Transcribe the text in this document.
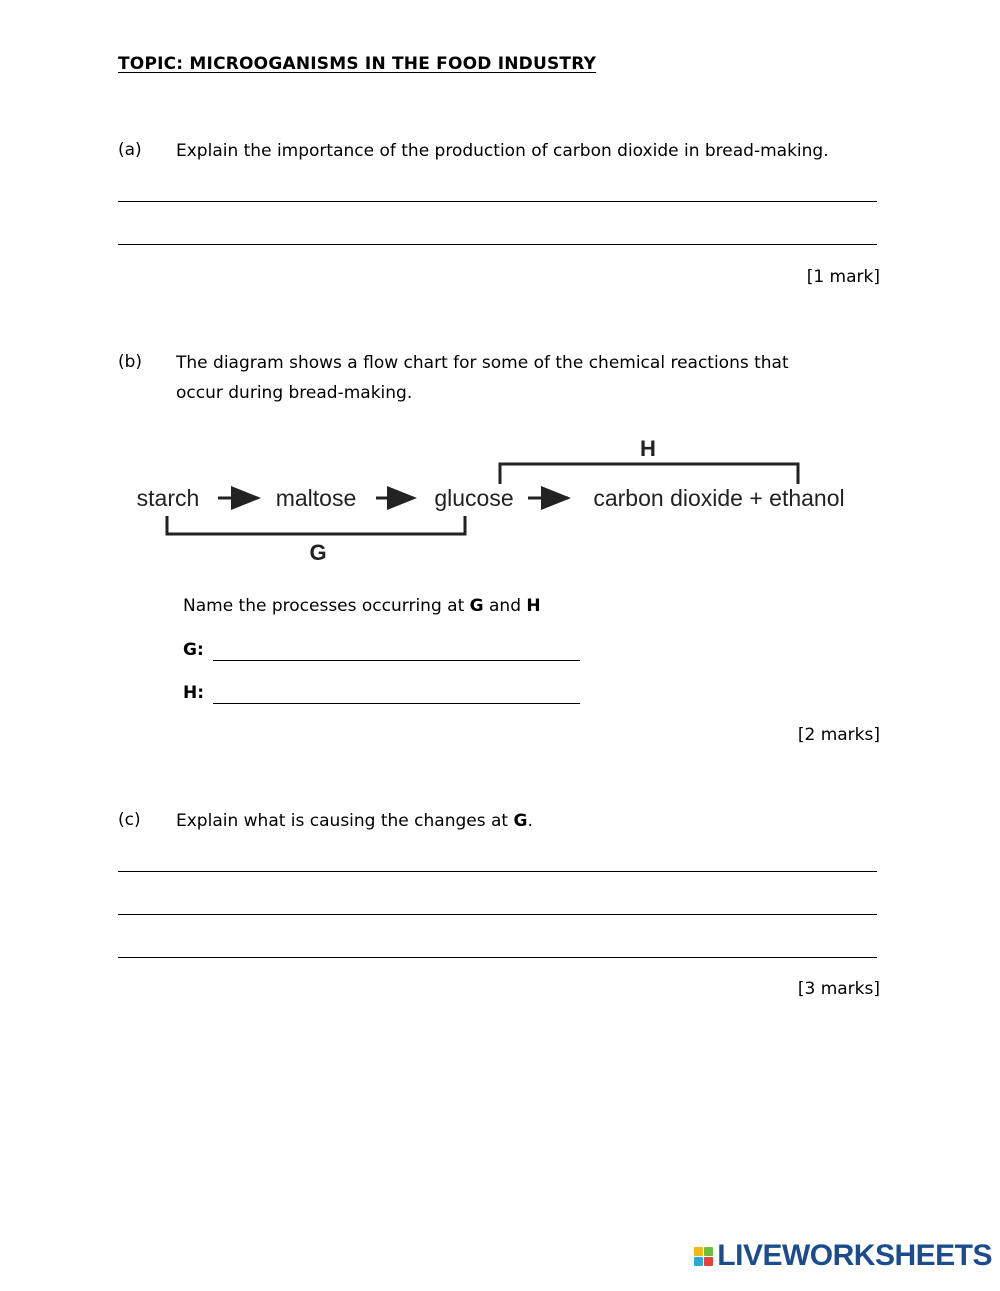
TOPIC: MICROOGANISMS IN THE FOOD INDUSTRY
(a) Explain the importance of the production of carbon dioxide in bread-making.
[1 mark]
(b) The diagram shows a flow chart for some of the chemical reactions that
occur during bread-making.
H
starch	maltose	glucose	carbon dioxide + ethanol
G
Name the processes occurring at G and H
G:
H:
[2 marks]
(c) Explain what is causing the changes at G.
[3 marks]
LIVEWORKSHEETS
